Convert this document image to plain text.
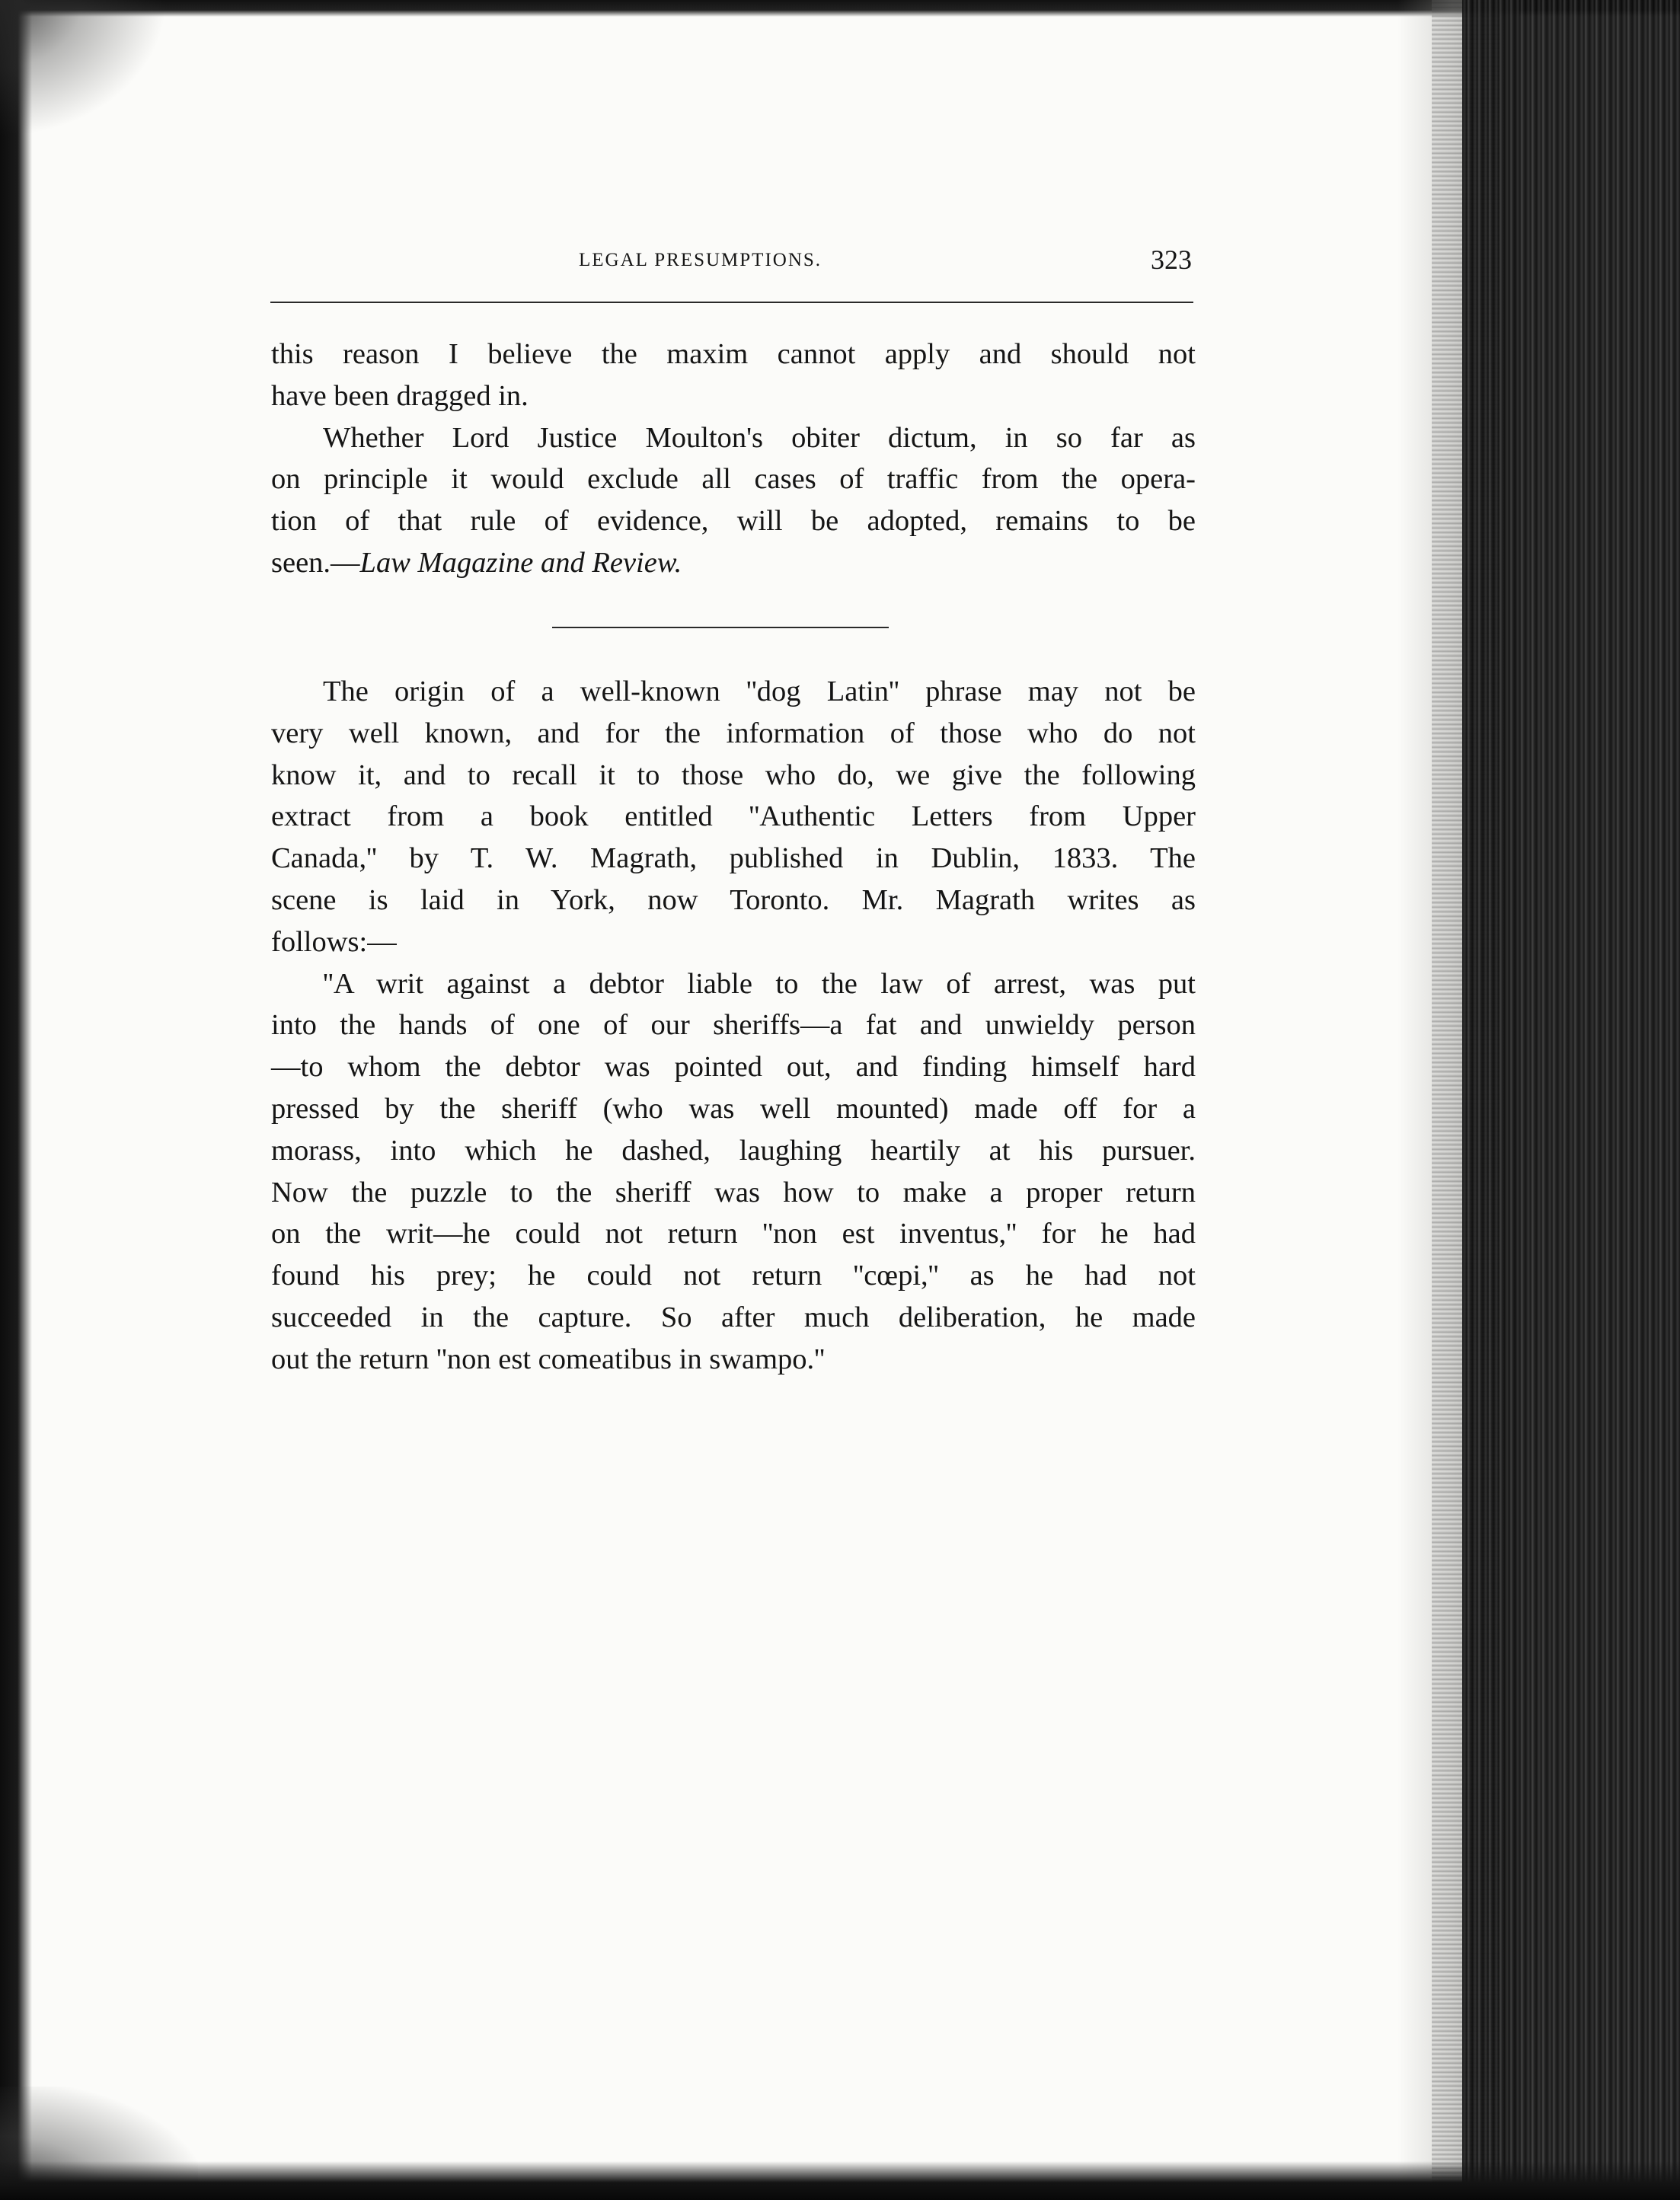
LEGAL PRESUMPTIONS.	323
this reason I believe the maxim cannot apply and should not
have been dragged in.
Whether Lord Justice Moulton's obiter dictum, in so far as
on principle it would exclude all cases of traffic from the opera-
tion of that rule of evidence, will be adopted, remains to be
seen.—Law Magazine and Review.
The origin of a well-known ''dog Latin'' phrase may not be
very well known, and for the information of those who do not
know it, and to recall it to those who do, we give the following
extract from a book entitled ''Authentic Letters from Upper
Canada,'' by T. W. Magrath, published in Dublin, 1833. The
scene is laid in York, now Toronto. Mr. Magrath writes as
follows:—
''A writ against a debtor liable to the law of arrest, was put
into the hands of one of our sheriffs—a fat and unwieldy person
—to whom the debtor was pointed out, and finding himself hard
pressed by the sheriff (who was well mounted) made off for a
morass, into which he dashed, laughing heartily at his pursuer.
Now the puzzle to the sheriff was how to make a proper return
on the writ—he could not return ''non est inventus,'' for he had
found his prey; he could not return ''cœpi,'' as he had not
succeeded in the capture. So after much deliberation, he made
out the return ''non est comeatibus in swampo.''
